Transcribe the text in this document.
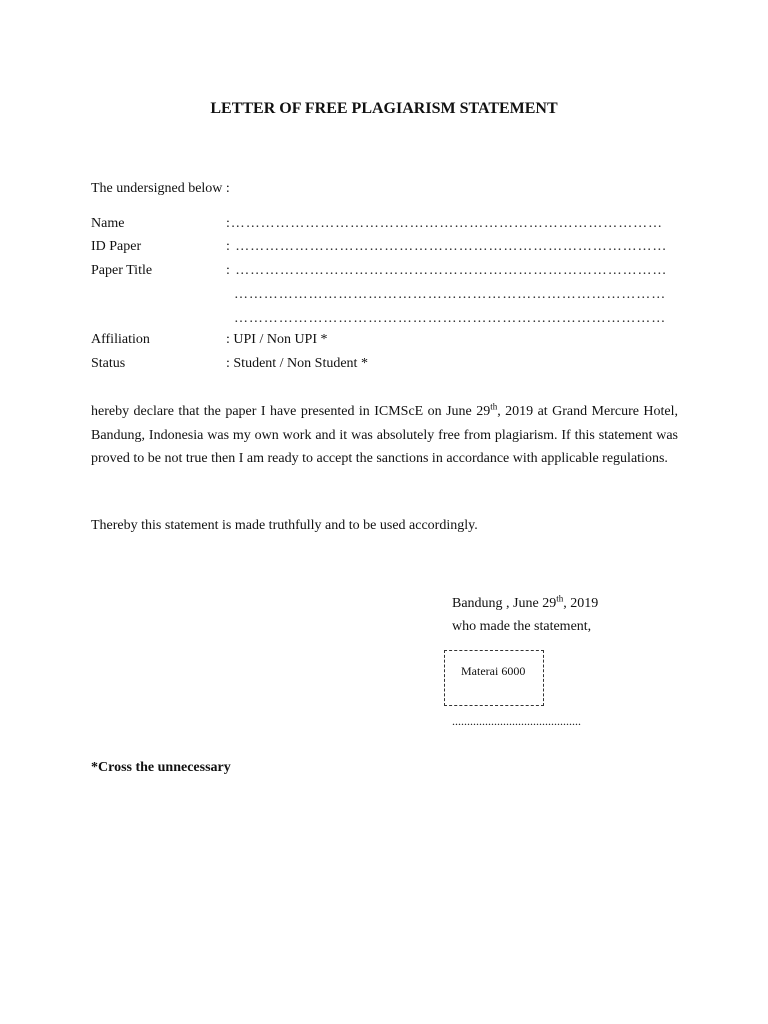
LETTER OF FREE PLAGIARISM STATEMENT
The undersigned below :
Name	:……………………………………………………………………………
ID Paper	: ……………………………………………………………………………
Paper Title	: ……………………………………………………………………………
……………………………………………………………………………
……………………………………………………………………………
Affiliation	: UPI / Non UPI *
Status	: Student / Non Student *
hereby declare that the paper I have presented in ICMScE on June 29th, 2019 at Grand Mercure Hotel, Bandung, Indonesia was my own work and it was absolutely free from plagiarism. If this statement was proved to be not true then I am ready to accept the sanctions in accordance with applicable regulations.
Thereby this statement is made truthfully and to be used accordingly.
Bandung , June 29th, 2019
who made the statement,
Materai 6000
...........................................
*Cross the unnecessary
